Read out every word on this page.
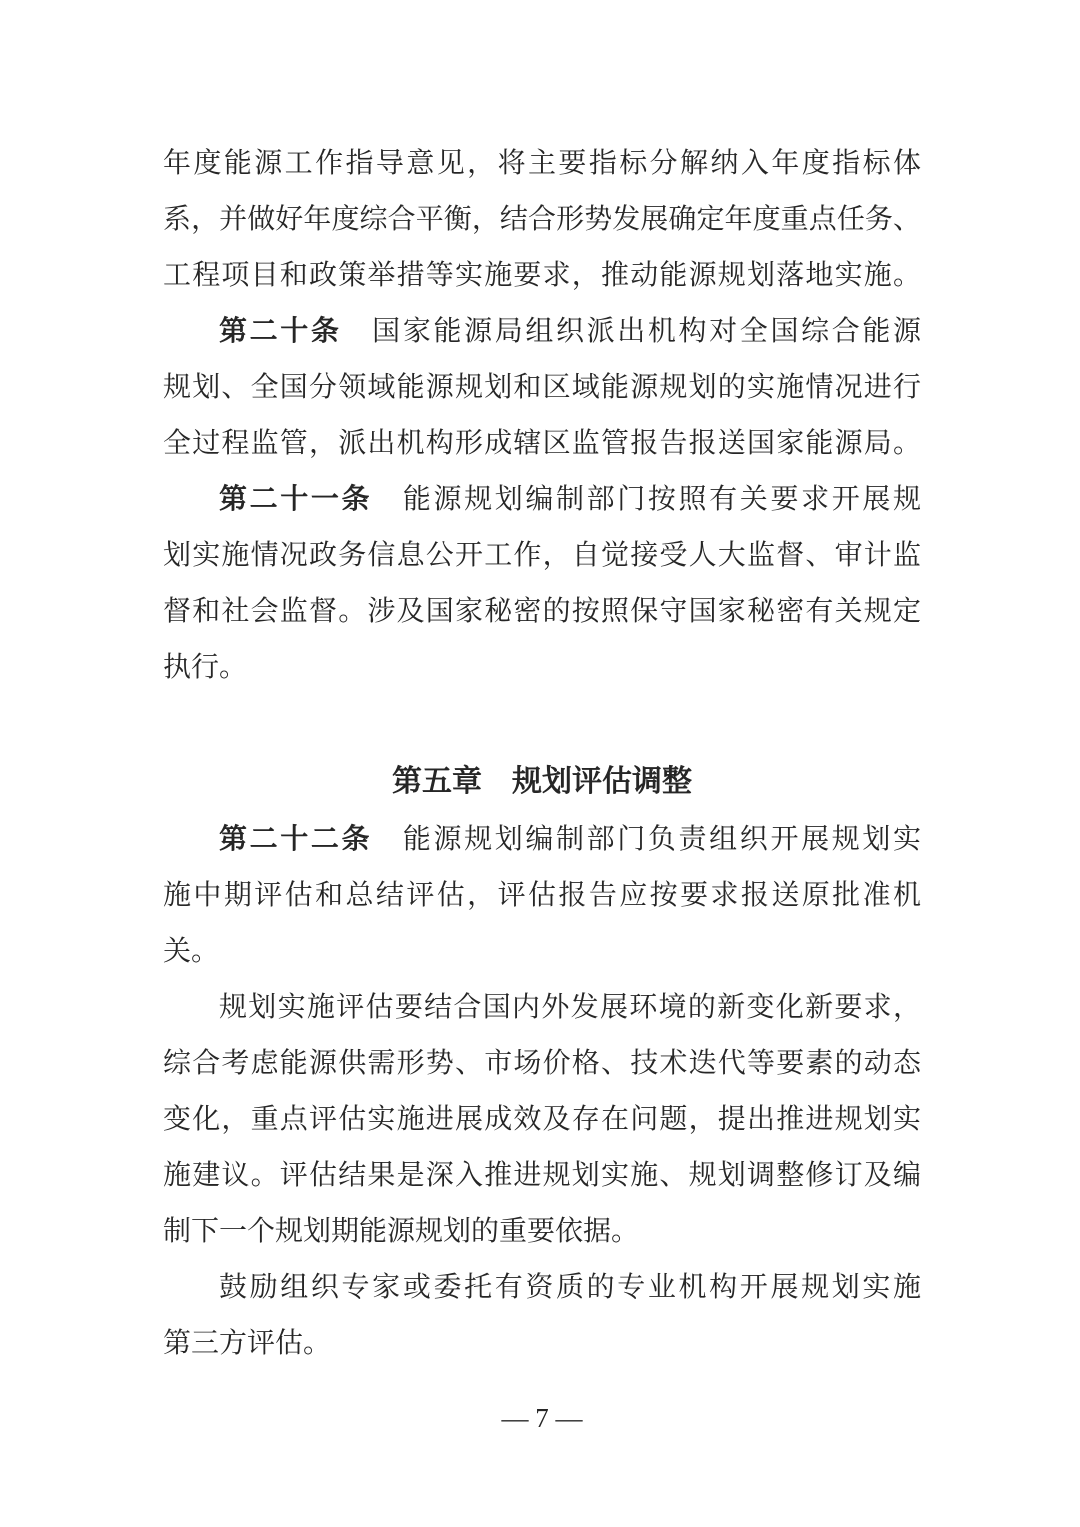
年度能源工作指导意见，将主要指标分解纳入年度指标体
系，并做好年度综合平衡，结合形势发展确定年度重点任务、
工程项目和政策举措等实施要求，推动能源规划落地实施。
第二十条　国家能源局组织派出机构对全国综合能源
规划、全国分领域能源规划和区域能源规划的实施情况进行
全过程监管，派出机构形成辖区监管报告报送国家能源局。
第二十一条　能源规划编制部门按照有关要求开展规
划实施情况政务信息公开工作，自觉接受人大监督、审计监
督和社会监督。涉及国家秘密的按照保守国家秘密有关规定
执行。
第五章　规划评估调整
第二十二条　能源规划编制部门负责组织开展规划实
施中期评估和总结评估，评估报告应按要求报送原批准机
关。
规划实施评估要结合国内外发展环境的新变化新要求，
综合考虑能源供需形势、市场价格、技术迭代等要素的动态
变化，重点评估实施进展成效及存在问题，提出推进规划实
施建议。评估结果是深入推进规划实施、规划调整修订及编
制下一个规划期能源规划的重要依据。
鼓励组织专家或委托有资质的专业机构开展规划实施
第三方评估。
— 7 —
